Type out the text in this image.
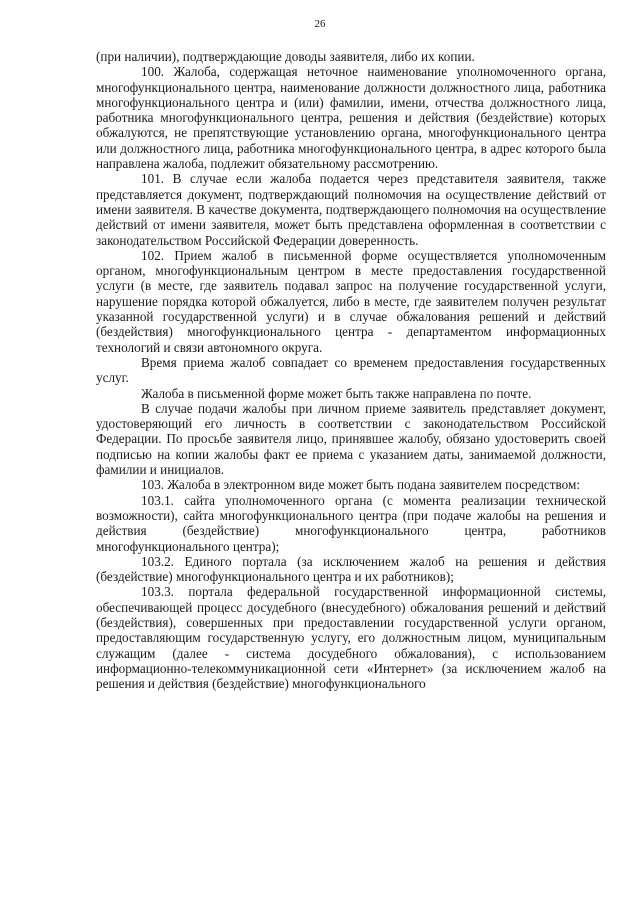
26

(при наличии), подтверждающие доводы заявителя, либо их копии.

100. Жалоба, содержащая неточное наименование уполномоченного органа, многофункционального центра, наименование должности должностного лица, работника многофункционального центра и (или) фамилии, имени, отчества должностного лица, работника многофункционального центра, решения и действия (бездействие) которых обжалуются, не препятствующие установлению органа, многофункционального центра или должностного лица, работника многофункционального центра, в адрес которого была направлена жалоба, подлежит обязательному рассмотрению.

101. В случае если жалоба подается через представителя заявителя, также представляется документ, подтверждающий полномочия на осуществление действий от имени заявителя. В качестве документа, подтверждающего полномочия на осуществление действий от имени заявителя, может быть представлена оформленная в соответствии с законодательством Российской Федерации доверенность.

102. Прием жалоб в письменной форме осуществляется уполномоченным органом, многофункциональным центром в месте предоставления государственной услуги (в месте, где заявитель подавал запрос на получение государственной услуги, нарушение порядка которой обжалуется, либо в месте, где заявителем получен результат указанной государственной услуги) и в случае обжалования решений и действий (бездействия) многофункционального центра - департаментом информационных технологий и связи автономного округа.

Время приема жалоб совпадает со временем предоставления государственных услуг.

Жалоба в письменной форме может быть также направлена по почте.

В случае подачи жалобы при личном приеме заявитель представляет документ, удостоверяющий его личность в соответствии с законодательством Российской Федерации. По просьбе заявителя лицо, принявшее жалобу, обязано удостоверить своей подписью на копии жалобы факт ее приема с указанием даты, занимаемой должности, фамилии и инициалов.

103. Жалоба в электронном виде может быть подана заявителем посредством:

103.1. сайта уполномоченного органа (с момента реализации технической возможности), сайта многофункционального центра (при подаче жалобы на решения и действия (бездействие) многофункционального центра, работников многофункционального центра);

103.2. Единого портала (за исключением жалоб на решения и действия (бездействие) многофункционального центра и их работников);

103.3. портала федеральной государственной информационной системы, обеспечивающей процесс досудебного (внесудебного) обжалования решений и действий (бездействия), совершенных при предоставлении государственной услуги органом, предоставляющим государственную услугу, его должностным лицом, муниципальным служащим (далее - система досудебного обжалования), с использованием информационно-телекоммуникационной сети «Интернет» (за исключением жалоб на решения и действия (бездействие) многофункционального
